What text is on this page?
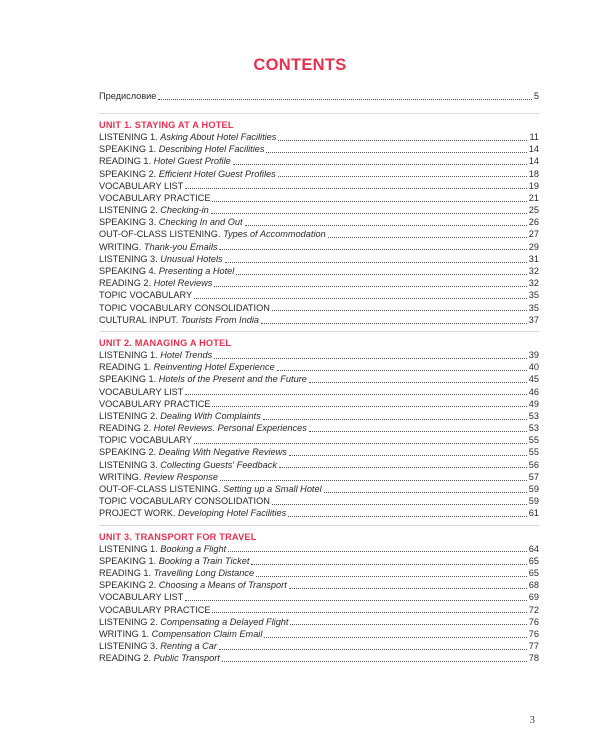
CONTENTS
Предисловие	5
UNIT 1. STAYING AT A HOTEL
LISTENING 1. Asking About Hotel Facilities	11
SPEAKING 1. Describing Hotel Facilities	14
READING 1. Hotel Guest Profile	14
SPEAKING 2. Efficient Hotel Guest Profiles	18
VOCABULARY LIST	19
VOCABULARY PRACTICE	21
LISTENING 2. Checking-in	25
SPEAKING 3. Checking In and Out	26
OUT-OF-CLASS LISTENING. Types of Accommodation	27
WRITING. Thank-you Emails	29
LISTENING 3. Unusual Hotels	31
SPEAKING 4. Presenting a Hotel	32
READING 2. Hotel Reviews	32
TOPIC VOCABULARY	35
TOPIC VOCABULARY CONSOLIDATION	35
CULTURAL INPUT. Tourists From India	37
UNIT 2. MANAGING A HOTEL
LISTENING 1. Hotel Trends	39
READING 1. Reinventing Hotel Experience	40
SPEAKING 1. Hotels of the Present and the Future	45
VOCABULARY LIST	46
VOCABULARY PRACTICE	49
LISTENING 2. Dealing With Complaints	53
READING 2. Hotel Reviews. Personal Experiences	53
TOPIC VOCABULARY	55
SPEAKING 2. Dealing With Negative Reviews	55
LISTENING 3. Collecting Guests' Feedback	56
WRITING. Review Response	57
OUT-OF-CLASS LISTENING. Setting up a Small Hotel	59
TOPIC VOCABULARY CONSOLIDATION	59
PROJECT WORK. Developing Hotel Facilities	61
UNIT 3. TRANSPORT FOR TRAVEL
LISTENING 1. Booking a Flight	64
SPEAKING 1. Booking a Train Ticket	65
READING 1. Travelling Long Distance	65
SPEAKING 2. Choosing a Means of Transport	68
VOCABULARY LIST	69
VOCABULARY PRACTICE	72
LISTENING 2. Compensating a Delayed Flight	76
WRITING 1. Compensation Claim Email	76
LISTENING 3. Renting a Car	77
READING 2. Public Transport	78
3
